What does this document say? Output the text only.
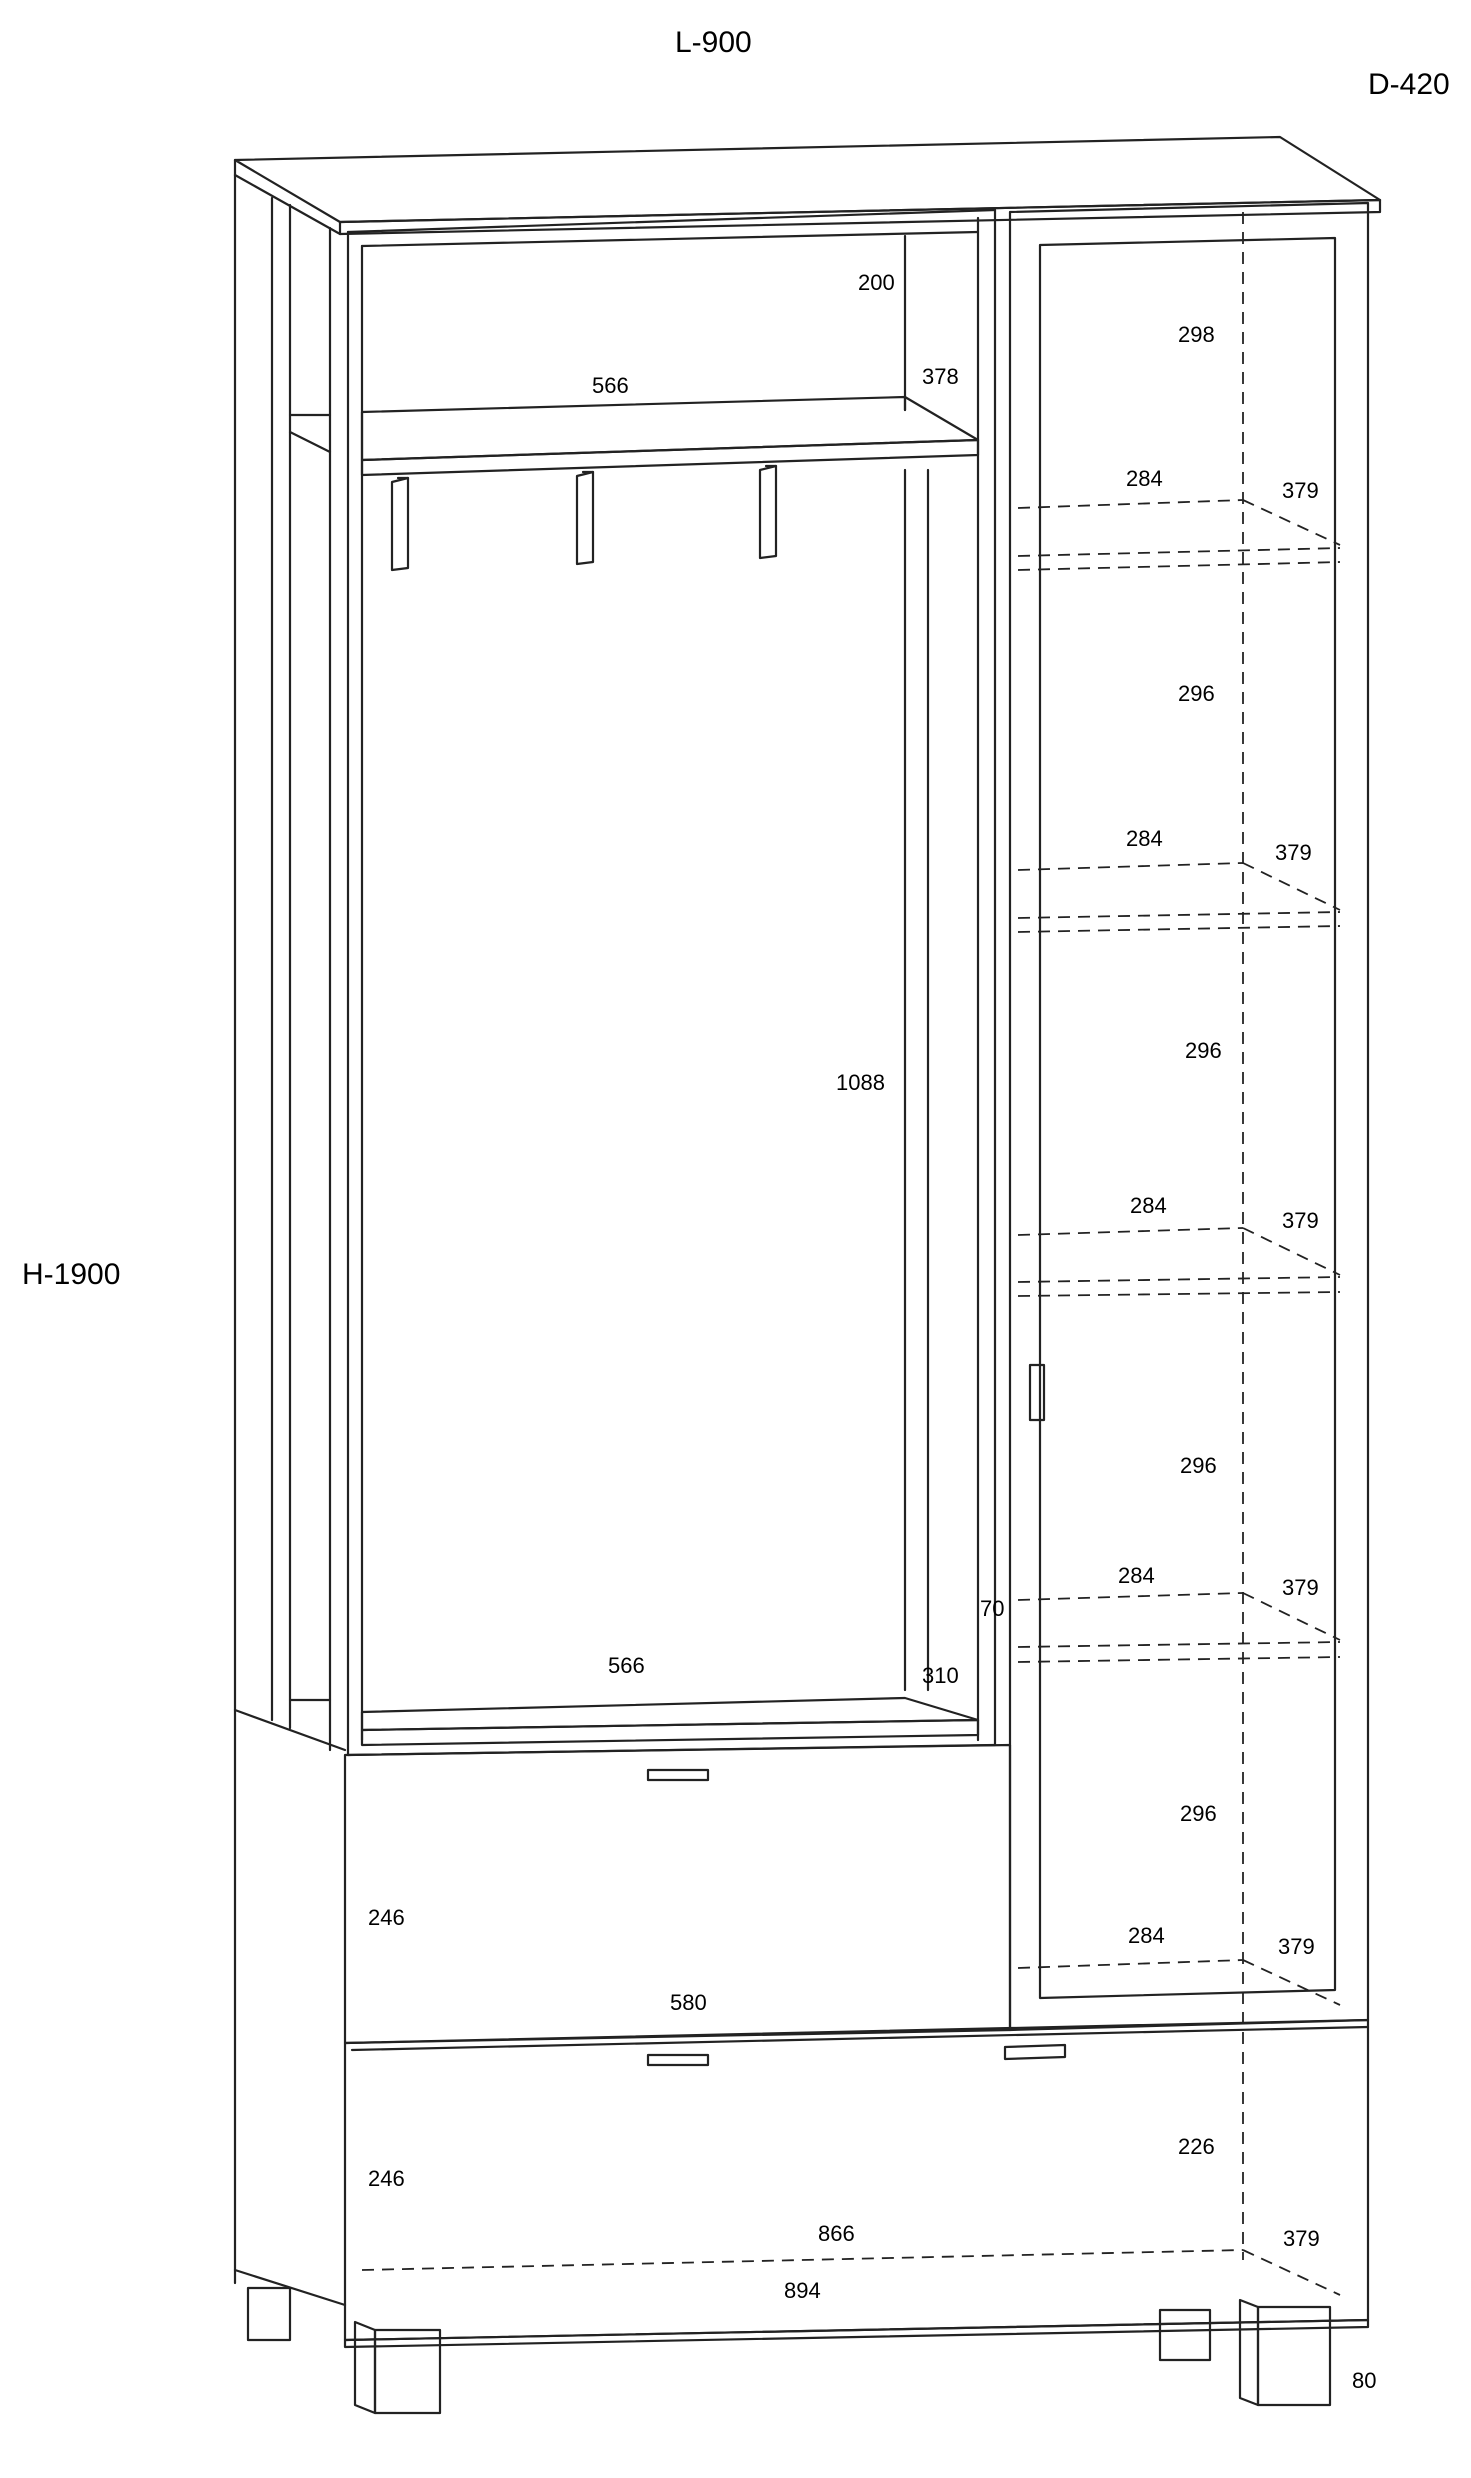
L-900
D-420
H-1900
200
566	378
1088
566	310
70
298
284	379
296
284
379
296
284
379
296
284	379
296
284	379
246
580
246
226
866	379
894
80
